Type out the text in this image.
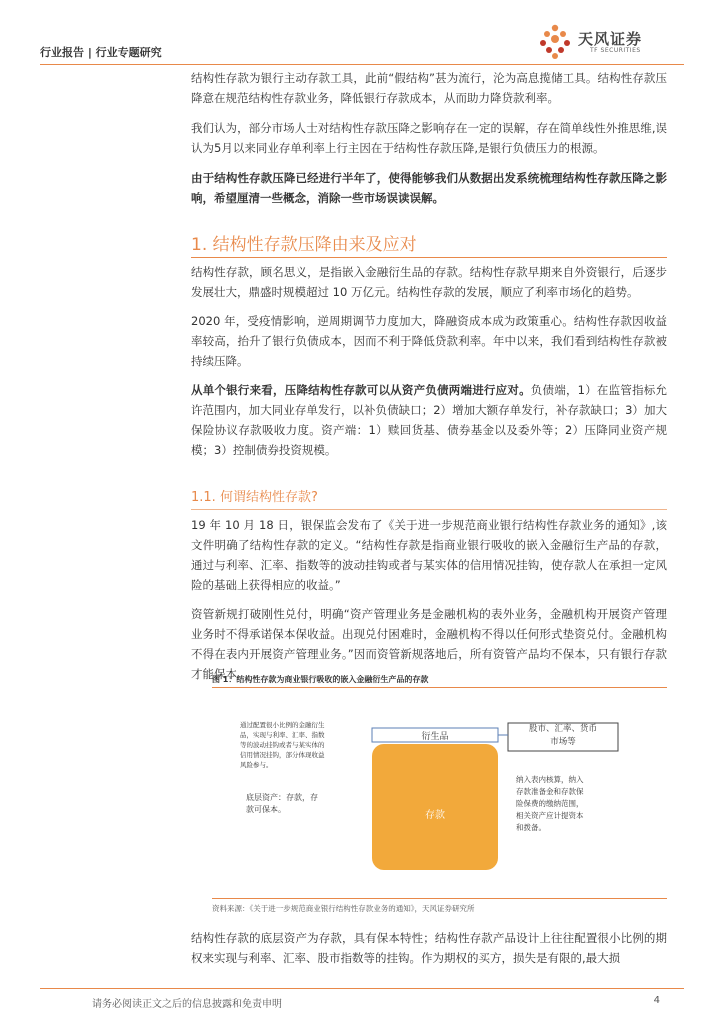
行业报告 | 行业专题研究
天风证券
TF SECURITIES

结构性存款为银行主动存款工具，此前“假结构”甚为流行，沦为高息揽储工具。结构性存款压降意在规范结构性存款业务，降低银行存款成本，从而助力降贷款利率。

我们认为，部分市场人士对结构性存款压降之影响存在一定的误解，存在简单线性外推思维,误认为5月以来同业存单利率上行主因在于结构性存款压降,是银行负债压力的根源。

由于结构性存款压降已经进行半年了，使得能够我们从数据出发系统梳理结构性存款压降之影响，希望厘清一些概念，消除一些市场误读误解。

1. 结构性存款压降由来及应对

结构性存款，顾名思义，是指嵌入金融衍生品的存款。结构性存款早期来自外资银行，后逐步发展壮大，鼎盛时规模超过 10 万亿元。结构性存款的发展，顺应了利率市场化的趋势。

2020 年，受疫情影响，逆周期调节力度加大，降融资成本成为政策重心。结构性存款因收益率较高，抬升了银行负债成本，因而不利于降低贷款利率。年中以来，我们看到结构性存款被持续压降。

从单个银行来看，压降结构性存款可以从资产负债两端进行应对。负债端，1）在监管指标允许范围内，加大同业存单发行，以补负债缺口；2）增加大额存单发行，补存款缺口；3）加大保险协议存款吸收力度。资产端：1）赎回货基、债券基金以及委外等；2）压降同业资产规模；3）控制债券投资规模。

1.1. 何谓结构性存款?

19 年 10 月 18 日，银保监会发布了《关于进一步规范商业银行结构性存款业务的通知》,该文件明确了结构性存款的定义。“结构性存款是指商业银行吸收的嵌入金融衍生产品的存款，通过与利率、汇率、指数等的波动挂钩或者与某实体的信用情况挂钩，使存款人在承担一定风险的基础上获得相应的收益。”

资管新规打破刚性兑付，明确“资产管理业务是金融机构的表外业务，金融机构开展资产管理业务时不得承诺保本保收益。出现兑付困难时，金融机构不得以任何形式垫资兑付。金融机构不得在表内开展资产管理业务。”因而资管新规落地后，所有资管产品均不保本，只有银行存款才能保本。

图 1：结构性存款为商业银行吸收的嵌入金融衍生产品的存款
通过配置很小比例的金融衍生
品，实现与利率、汇率、指数
等的波动挂钩或者与某实体的
信用情况挂钩，部分体现收益
风险参与。
衍生品
股市、汇率、货币
市场等
存款
底层资产：存款，存
款可保本。
纳入表内核算，纳入
存款准备金和存款保
险保费的缴纳范围，
相关资产应计提资本
和拨备。
资料来源：《关于进一步规范商业银行结构性存款业务的通知》，天风证券研究所

结构性存款的底层资产为存款，具有保本特性；结构性存款产品设计上往往配置很小比例的期权来实现与利率、汇率、股市指数等的挂钩。作为期权的买方，损失是有限的,最大损

请务必阅读正文之后的信息披露和免责申明	4
